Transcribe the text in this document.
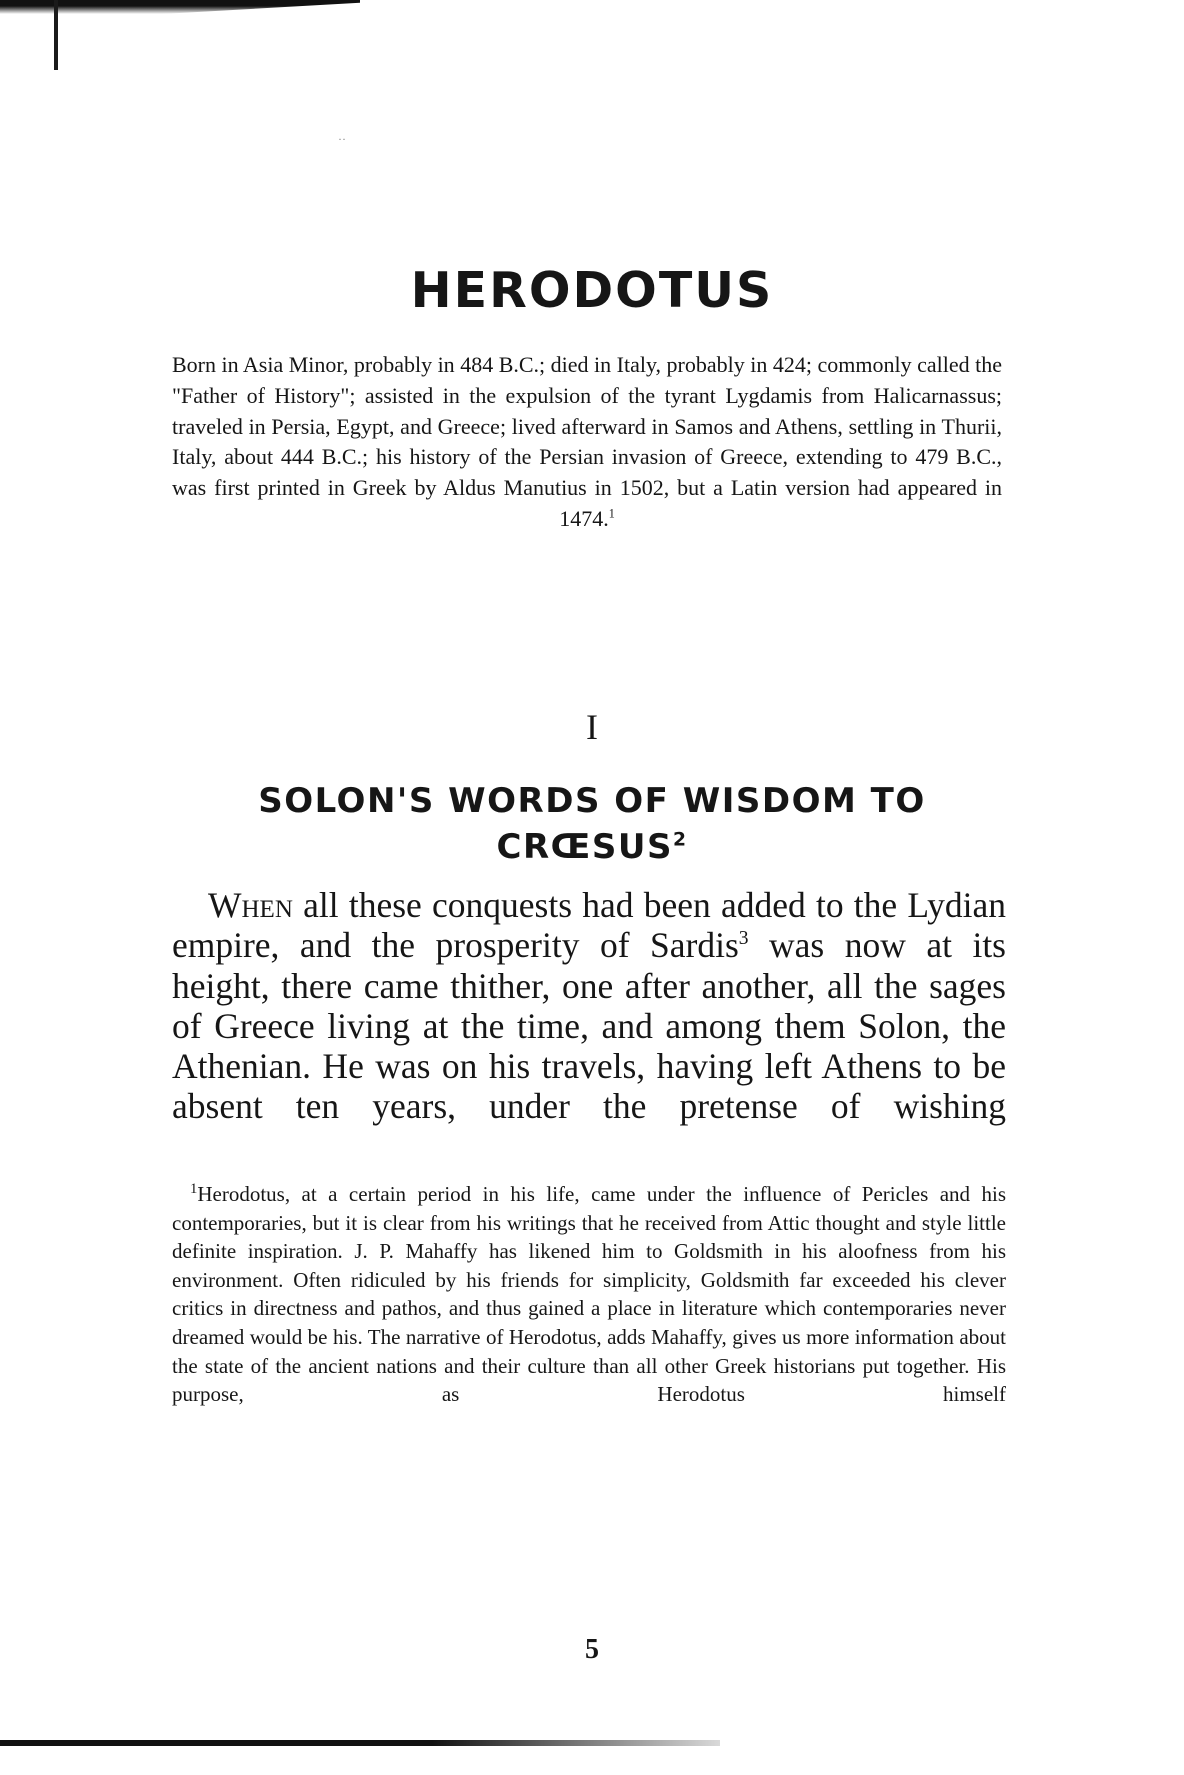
··
HERODOTUS
Born in Asia Minor, probably in 484 B.C.; died in Italy, probably in 424; commonly called the "Father of History"; assisted in the expulsion of the tyrant Lygdamis from Halicarnassus; traveled in Persia, Egypt, and Greece; lived afterward in Samos and Athens, settling in Thurii, Italy, about 444 B.C.; his history of the Persian invasion of Greece, extending to 479 B.C., was first printed in Greek by Aldus Manutius in 1502, but a Latin version had appeared in 1474.$^1$
I
SOLON'S WORDS OF WISDOM TO CRŒSUS$^2$
When all these conquests had been added to the Lydian empire, and the prosperity of Sardis$^3$ was now at its height, there came thither, one after another, all the sages of Greece living at the time, and among them Solon, the Athenian. He was on his travels, having left Athens to be absent ten years, under the pretense of wishing
$^1$Herodotus, at a certain period in his life, came under the influence of Pericles and his contemporaries, but it is clear from his writings that he received from Attic thought and style little definite inspiration. J. P. Mahaffy has likened him to Goldsmith in his aloofness from his environment. Often ridiculed by his friends for simplicity, Goldsmith far exceeded his clever critics in directness and pathos, and thus gained a place in literature which contemporaries never dreamed would be his. The narrative of Herodotus, adds Mahaffy, gives us more information about the state of the ancient nations and their culture than all other Greek historians put together. His purpose, as Herodotus himself
5
